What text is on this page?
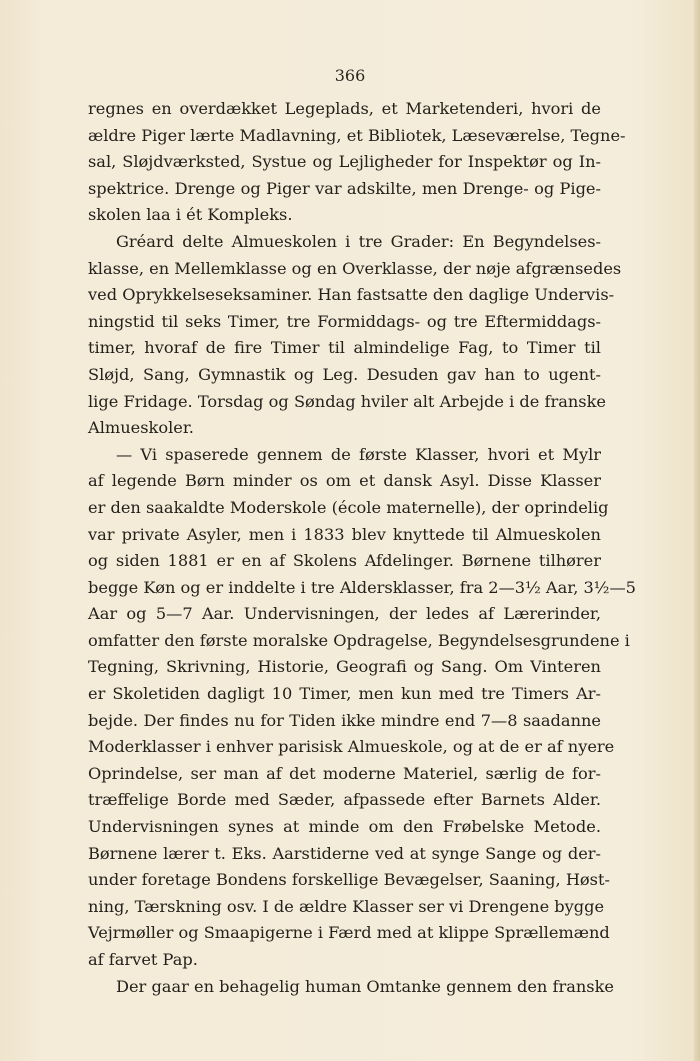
366
regnes en overdækket Legeplads, et Marketenderi, hvori de
ældre Piger lærte Madlavning, et Bibliotek, Læseværelse, Tegne-
sal, Sløjdværksted, Systue og Lejligheder for Inspektør og In-
spektrice. Drenge og Piger var adskilte, men Drenge- og Pige-
skolen laa i ét Kompleks.
Gréard delte Almueskolen i tre Grader: En Begyndelses-
klasse, en Mellemklasse og en Overklasse, der nøje afgrænsedes
ved Oprykkelseseksaminer. Han fastsatte den daglige Undervis-
ningstid til seks Timer, tre Formiddags- og tre Eftermiddags-
timer, hvoraf de fire Timer til almindelige Fag, to Timer til
Sløjd, Sang, Gymnastik og Leg. Desuden gav han to ugent-
lige Fridage. Torsdag og Søndag hviler alt Arbejde i de franske
Almueskoler.
— Vi spaserede gennem de første Klasser, hvori et Mylr
af legende Børn minder os om et dansk Asyl. Disse Klasser
er den saakaldte Moderskole (école maternelle), der oprindelig
var private Asyler, men i 1833 blev knyttede til Almueskolen
og siden 1881 er en af Skolens Afdelinger. Børnene tilhører
begge Køn og er inddelte i tre Aldersklasser, fra 2—3½ Aar, 3½—5
Aar og 5—7 Aar. Undervisningen, der ledes af Lærerinder,
omfatter den første moralske Opdragelse, Begyndelsesgrundene i
Tegning, Skrivning, Historie, Geografi og Sang. Om Vinteren
er Skoletiden dagligt 10 Timer, men kun med tre Timers Ar-
bejde. Der findes nu for Tiden ikke mindre end 7—8 saadanne
Moderklasser i enhver parisisk Almueskole, og at de er af nyere
Oprindelse, ser man af det moderne Materiel, særlig de for-
træffelige Borde med Sæder, afpassede efter Barnets Alder.
Undervisningen synes at minde om den Frøbelske Metode.
Børnene lærer t. Eks. Aarstiderne ved at synge Sange og der-
under foretage Bondens forskellige Bevægelser, Saaning, Høst-
ning, Tærskning osv. I de ældre Klasser ser vi Drengene bygge
Vejrmøller og Smaapigerne i Færd med at klippe Sprællemænd
af farvet Pap.
Der gaar en behagelig human Omtanke gennem den franske
